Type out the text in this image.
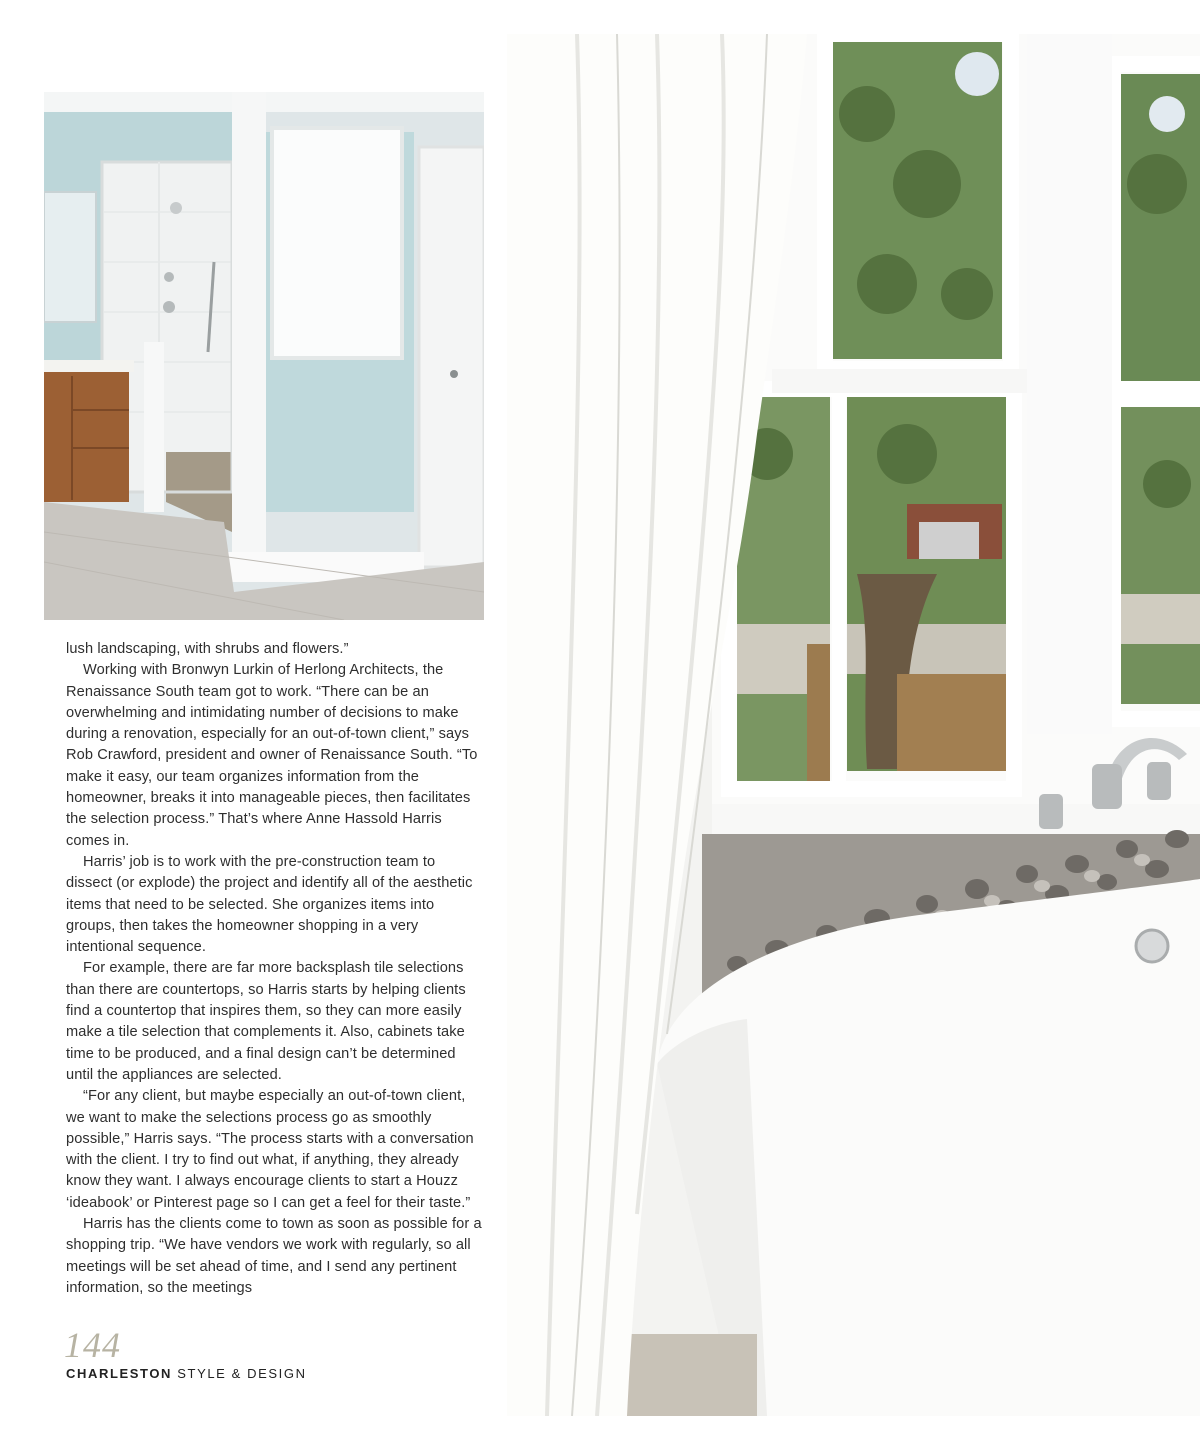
lush landscaping, with shrubs and flowers.”

Working with Bronwyn Lurkin of Herlong Architects, the Renaissance South team got to work. “There can be an overwhelming and intimidating number of decisions to make during a renovation, especially for an out-of-town client,” says Rob Crawford, president and owner of Renaissance South. “To make it easy, our team organizes information from the homeowner, breaks it into manageable pieces, then facilitates the selection process.” That’s where Anne Hassold Harris comes in.

Harris’ job is to work with the pre-construction team to dissect (or explode) the project and identify all of the aesthetic items that need to be selected. She organizes items into groups, then takes the homeowner shopping in a very intentional sequence.

For example, there are far more backsplash tile selections than there are countertops, so Harris starts by helping clients find a countertop that inspires them, so they can more easily make a tile selection that complements it. Also, cabinets take time to be produced, and a final design can’t be determined until the appliances are selected.

“For any client, but maybe especially an out-of-town client, we want to make the selections process go as smoothly possible,” Harris says. “The process starts with a conversation with the client. I try to find out what, if anything, they already know they want. I always encourage clients to start a Houzz ‘ideabook’ or Pinterest page so I can get a feel for their taste.”

Harris has the clients come to town as soon as possible for a shopping trip. “We have vendors we work with regularly, so all meetings will be set ahead of time, and I send any pertinent information, so the meetings

144
CHARLESTON STYLE & DESIGN
